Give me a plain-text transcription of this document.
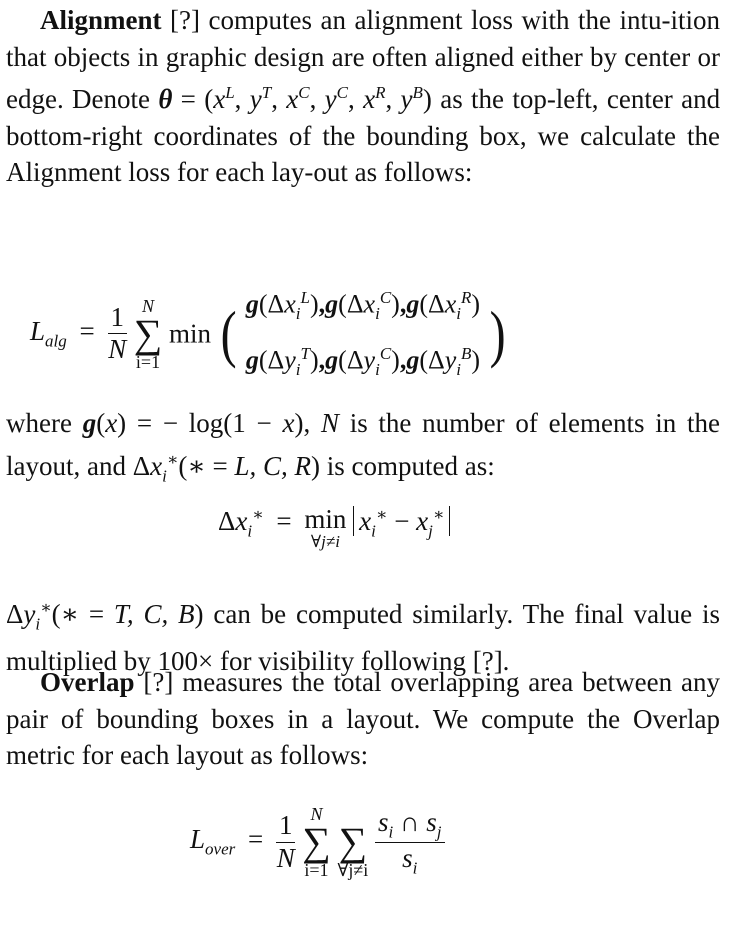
Alignment [?] computes an alignment loss with the intu-ition that objects in graphic design are often aligned either by center or edge. Denote $\theta = (x^L$, $y^T$, $x^C$, $y^C$, $x^R$, $y^B$) as the top-left, center and bottom-right coordinates of the bounding box, we calculate the Alignment loss for each lay-out as follows:
$L_{alg} = \frac{1}{N}$
N
∑
i=1
min ( $g(\Delta x_i^L),g(\Delta x_i^C),g(\Delta x_i^R)$
$g(\Delta y_i^T),g(\Delta y_i^C),g(\Delta y_i^B)$ )
where g(x) = − log(1 − x), N is the number of elements in the layout, and $\Delta x_i^∗(∗ = L$, C, R) is computed as:
$\Delta x_i^∗ = \min$
∀j≠i
$x_i^∗ - x_j^∗$
$\Delta y_i^∗(∗ = T$, C, B) can be computed similarly. The final value is multiplied by 100× for visibility following [?].
Overlap [?] measures the total overlapping area between any pair of bounding boxes in a layout. We compute the Overlap metric for each layout as follows:
$L_{over} = \frac{1}{N}$
N
∑
i=1

∑
∀j≠i
$\frac{s_i \cap s_j}{s_i}$
